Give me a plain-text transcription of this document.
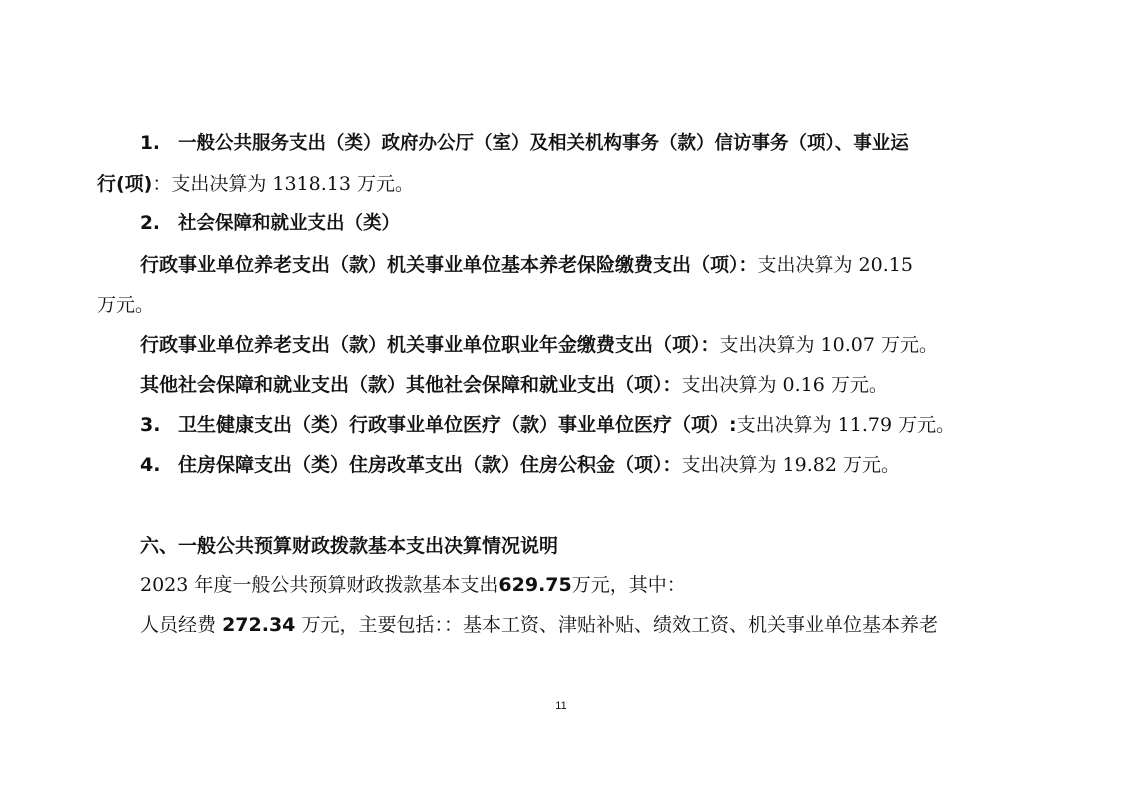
1. 一般公共服务支出（类）政府办公厅（室）及相关机构事务（款）信访事务（项）、事业运
行(项)：支出决算为 1318.13 万元。
2. 社会保障和就业支出（类）
行政事业单位养老支出（款）机关事业单位基本养老保险缴费支出（项）：支出决算为 20.15
万元。
行政事业单位养老支出（款）机关事业单位职业年金缴费支出（项）：支出决算为 10.07 万元。
其他社会保障和就业支出（款）其他社会保障和就业支出（项）：支出决算为 0.16 万元。
3. 卫生健康支出（类）行政事业单位医疗（款）事业单位医疗（项）:支出决算为 11.79 万元。
4. 住房保障支出（类）住房改革支出（款）住房公积金（项）：支出决算为 19.82 万元。
六、一般公共预算财政拨款基本支出决算情况说明
2023 年度一般公共预算财政拨款基本支出629.75万元，其中：
人员经费 272.34 万元，主要包括：：基本工资、津贴补贴、绩效工资、机关事业单位基本养老
11
